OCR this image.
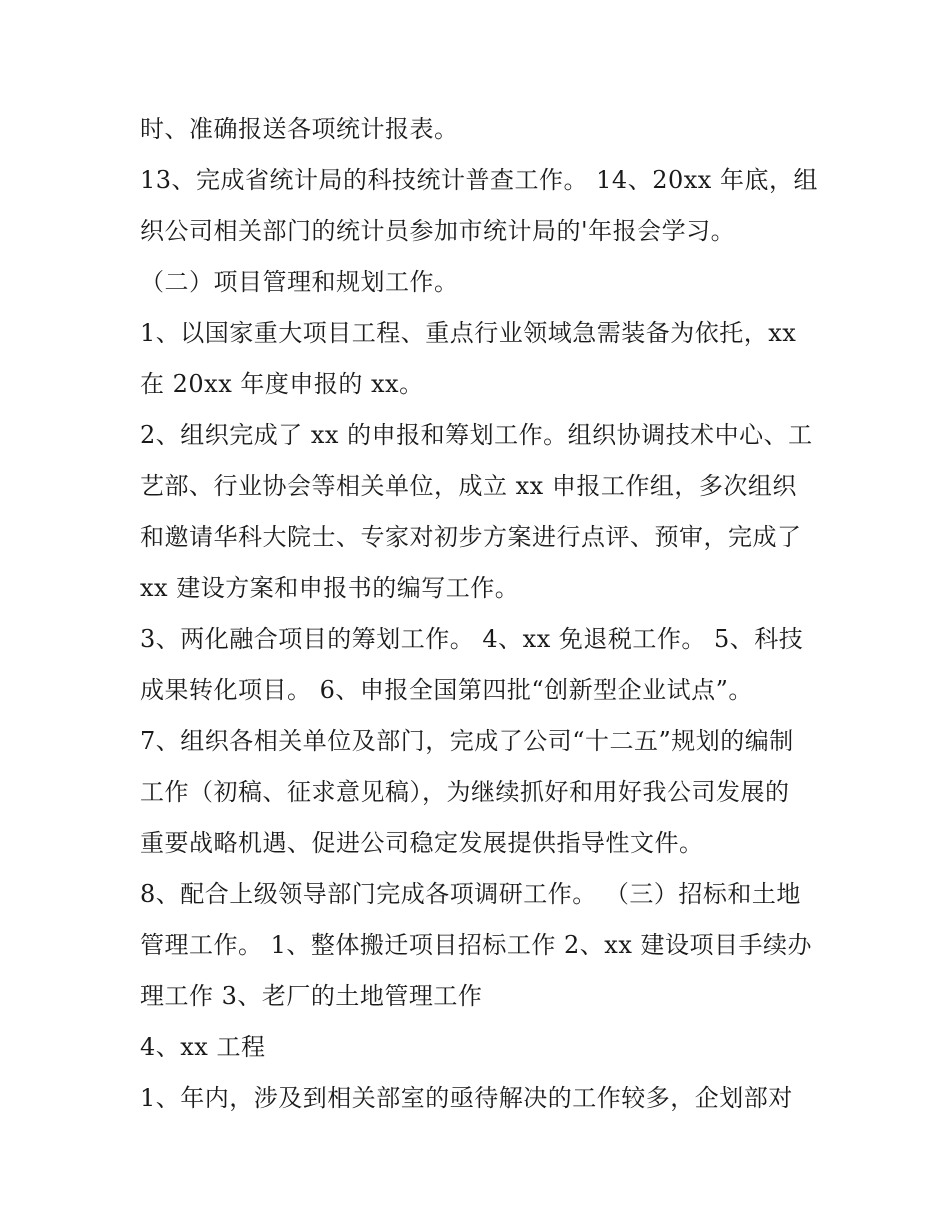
时、准确报送各项统计报表。
13、完成省统计局的科技统计普查工作。 14、20xx 年底，组
织公司相关部门的统计员参加市统计局的'年报会学习。
（二）项目管理和规划工作。
1、以国家重大项目工程、重点行业领域急需装备为依托，xx
在 20xx 年度申报的 xx。
2、组织完成了 xx 的申报和筹划工作。组织协调技术中心、工
艺部、行业协会等相关单位，成立 xx 申报工作组，多次组织
和邀请华科大院士、专家对初步方案进行点评、预审，完成了
xx 建设方案和申报书的编写工作。
3、两化融合项目的筹划工作。 4、xx 免退税工作。 5、科技
成果转化项目。 6、申报全国第四批“创新型企业试点”。
7、组织各相关单位及部门，完成了公司“十二五”规划的编制
工作（初稿、征求意见稿），为继续抓好和用好我公司发展的
重要战略机遇、促进公司稳定发展提供指导性文件。
8、配合上级领导部门完成各项调研工作。 （三）招标和土地
管理工作。 1、整体搬迁项目招标工作 2、xx 建设项目手续办
理工作 3、老厂的土地管理工作
4、xx 工程
1、年内，涉及到相关部室的亟待解决的工作较多，企划部对
